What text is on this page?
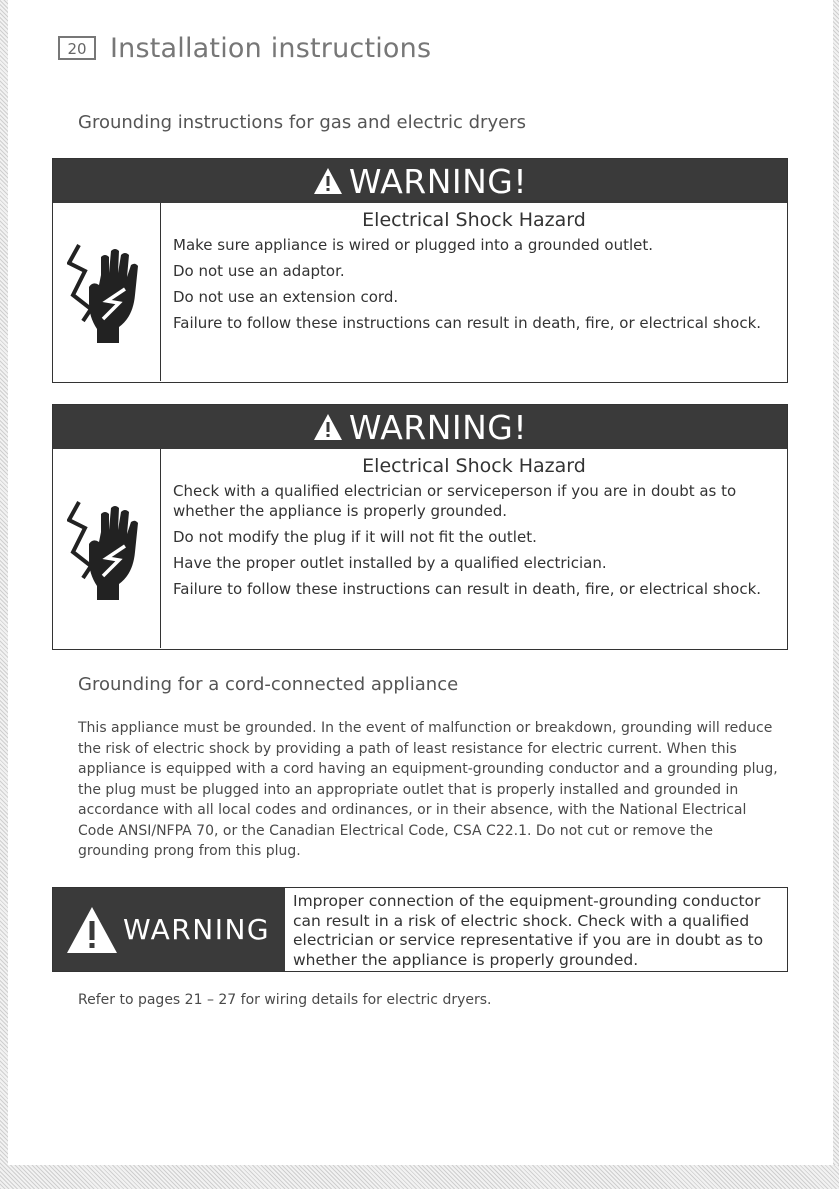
20 Installation instructions
Grounding instructions for gas and electric dryers
WARNING!
Electrical Shock Hazard
Make sure appliance is wired or plugged into a grounded outlet.
Do not use an adaptor.
Do not use an extension cord.
Failure to follow these instructions can result in death, fire, or electrical shock.
WARNING!
Electrical Shock Hazard
Check with a qualified electrician or serviceperson if you are in doubt as to whether the appliance is properly grounded.
Do not modify the plug if it will not fit the outlet.
Have the proper outlet installed by a qualified electrician.
Failure to follow these instructions can result in death, fire, or electrical shock.
Grounding for a cord-connected appliance
This appliance must be grounded. In the event of malfunction or breakdown, grounding will reduce the risk of electric shock by providing a path of least resistance for electric current. When this appliance is equipped with a cord having an equipment-grounding conductor and a grounding plug, the plug must be plugged into an appropriate outlet that is properly installed and grounded in accordance with all local codes and ordinances, or in their absence, with the National Electrical Code ANSI/NFPA 70, or the Canadian Electrical Code, CSA C22.1. Do not cut or remove the grounding prong from this plug.
WARNING
Improper connection of the equipment-grounding conductor can result in a risk of electric shock. Check with a qualified electrician or service representative if you are in doubt as to whether the appliance is properly grounded.
Refer to pages 21 – 27 for wiring details for electric dryers.
